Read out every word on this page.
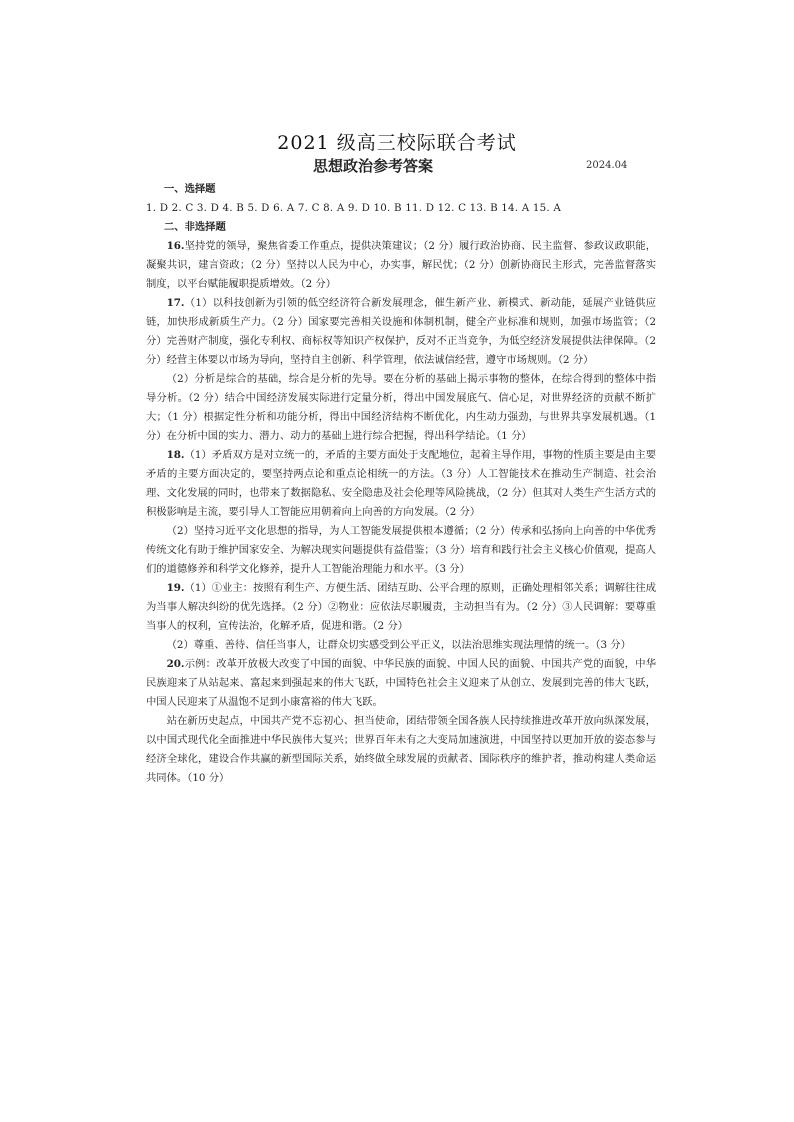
2021 级高三校际联合考试
思想政治参考答案	2024.04

一、选择题

1. D 2. C 3. D 4. B 5. D 6. A 7. C 8. A 9. D 10. B 11. D 12. C 13. B 14. A 15. A

二、非选择题

16.坚持党的领导，聚焦省委工作重点，提供决策建议；（2 分）履行政治协商、民主监督、参政议政职能，凝聚共识，建言资政；（2 分）坚持以人民为中心，办实事，解民忧；（2 分）创新协商民主形式，完善监督落实制度，以平台赋能履职提质增效。（2 分）

17.（1）以科技创新为引领的低空经济符合新发展理念，催生新产业、新模式、新动能，延展产业链供应链，加快形成新质生产力。（2 分）国家要完善相关设施和体制机制，健全产业标准和规则，加强市场监管；（2 分）完善财产制度，强化专利权、商标权等知识产权保护，反对不正当竞争，为低空经济发展提供法律保障。（2 分）经营主体要以市场为导向，坚持自主创新、科学管理，依法诚信经营，遵守市场规则。（2 分）

（2）分析是综合的基础，综合是分析的先导。要在分析的基础上揭示事物的整体，在综合得到的整体中指导分析。（2 分）结合中国经济发展实际进行定量分析，得出中国发展底气、信心足，对世界经济的贡献不断扩大；（1 分）根据定性分析和功能分析，得出中国经济结构不断优化，内生动力强劲，与世界共享发展机遇。（1 分）在分析中国的实力、潜力、动力的基础上进行综合把握，得出科学结论。（1 分）

18.（1）矛盾双方是对立统一的，矛盾的主要方面处于支配地位，起着主导作用，事物的性质主要是由主要矛盾的主要方面决定的，要坚持两点论和重点论相统一的方法。（3 分）人工智能技术在推动生产制造、社会治理、文化发展的同时，也带来了数据隐私、安全隐患及社会伦理等风险挑战，（2 分）但其对人类生产生活方式的积极影响是主流，要引导人工智能应用朝着向上向善的方向发展。（2 分）

（2）坚持习近平文化思想的指导，为人工智能发展提供根本遵循；（2 分）传承和弘扬向上向善的中华优秀传统文化有助于维护国家安全、为解决现实问题提供有益借鉴；（3 分）培育和践行社会主义核心价值观，提高人们的道德修养和科学文化修养，提升人工智能治理能力和水平。（3 分）

19.（1）①业主：按照有利生产、方便生活、团结互助、公平合理的原则，正确处理相邻关系；调解往往成为当事人解决纠纷的优先选择。（2 分）②物业：应依法尽职履责，主动担当有为。（2 分）③人民调解：要尊重当事人的权利，宣传法治，化解矛盾，促进和谐。（2 分）

（2）尊重、善待、信任当事人，让群众切实感受到公平正义，以法治思维实现法理情的统一。（3 分）

20.示例：改革开放极大改变了中国的面貌、中华民族的面貌、中国人民的面貌、中国共产党的面貌，中华民族迎来了从站起来、富起来到强起来的伟大飞跃，中国特色社会主义迎来了从创立、发展到完善的伟大飞跃，中国人民迎来了从温饱不足到小康富裕的伟大飞跃。

站在新历史起点，中国共产党不忘初心、担当使命，团结带领全国各族人民持续推进改革开放向纵深发展，以中国式现代化全面推进中华民族伟大复兴；世界百年未有之大变局加速演进，中国坚持以更加开放的姿态参与经济全球化，建设合作共赢的新型国际关系，始终做全球发展的贡献者、国际秩序的维护者，推动构建人类命运共同体。（10 分）
